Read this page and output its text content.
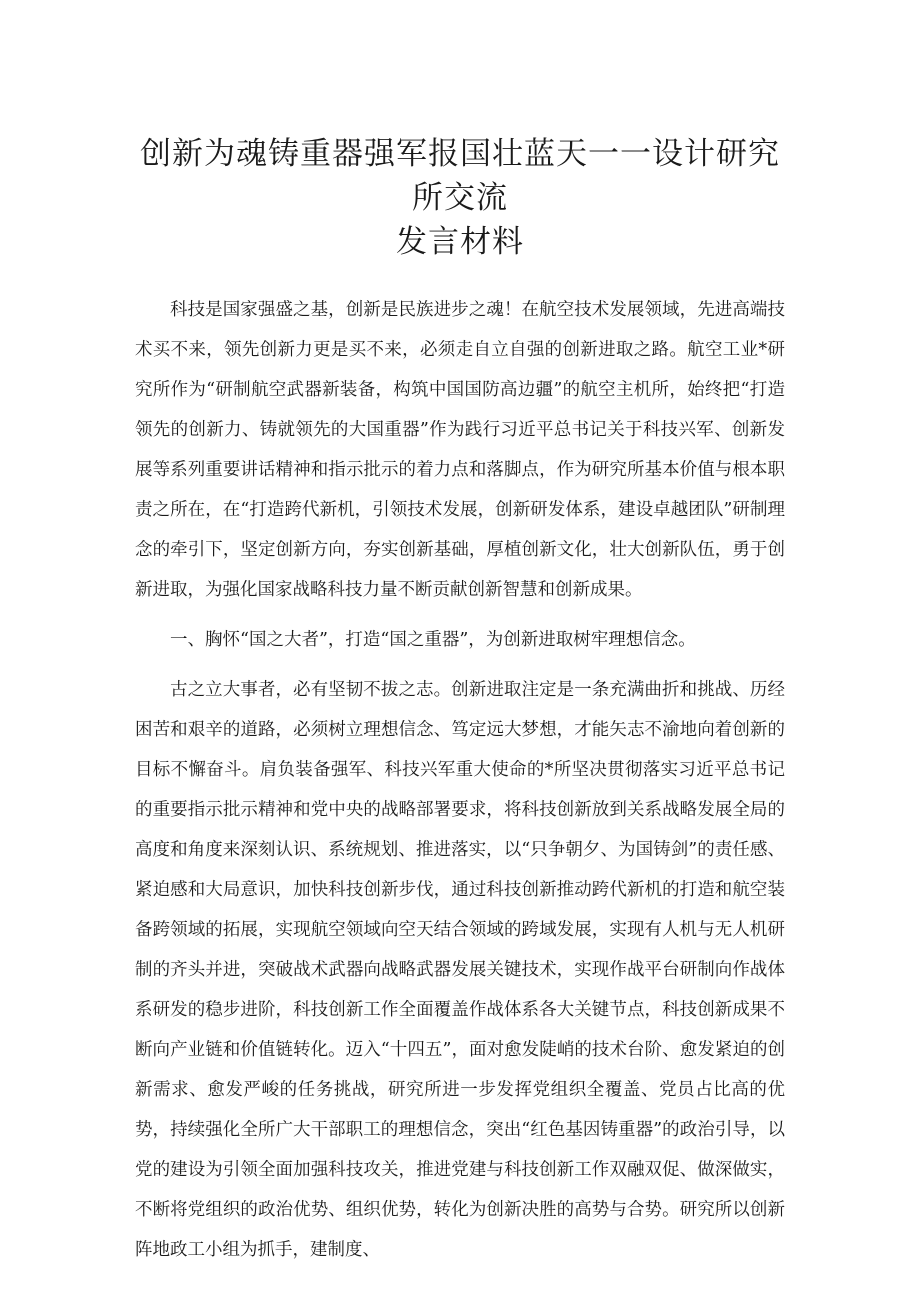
创新为魂铸重器强军报国壮蓝天一一设计研究所交流
发言材料

科技是国家强盛之基，创新是民族进步之魂！在航空技术发展领域，先进高端技术买不来，领先创新力更是买不来，必须走自立自强的创新进取之路。航空工业*研究所作为“研制航空武器新装备，构筑中国国防高边疆”的航空主机所，始终把“打造领先的创新力、铸就领先的大国重器”作为践行习近平总书记关于科技兴军、创新发展等系列重要讲话精神和指示批示的着力点和落脚点，作为研究所基本价值与根本职责之所在，在“打造跨代新机，引领技术发展，创新研发体系，建设卓越团队”研制理念的牵引下，坚定创新方向，夯实创新基础，厚植创新文化，壮大创新队伍，勇于创新进取，为强化国家战略科技力量不断贡献创新智慧和创新成果。

一、胸怀“国之大者”，打造“国之重器”，为创新进取树牢理想信念。

古之立大事者，必有坚韧不拔之志。创新进取注定是一条充满曲折和挑战、历经困苦和艰辛的道路，必须树立理想信念、笃定远大梦想，才能矢志不渝地向着创新的目标不懈奋斗。肩负装备强军、科技兴军重大使命的*所坚决贯彻落实习近平总书记的重要指示批示精神和党中央的战略部署要求，将科技创新放到关系战略发展全局的高度和角度来深刻认识、系统规划、推进落实，以“只争朝夕、为国铸剑”的责任感、紧迫感和大局意识，加快科技创新步伐，通过科技创新推动跨代新机的打造和航空装备跨领域的拓展，实现航空领域向空天结合领域的跨域发展，实现有人机与无人机研制的齐头并进，突破战术武器向战略武器发展关键技术，实现作战平台研制向作战体系研发的稳步进阶，科技创新工作全面覆盖作战体系各大关键节点，科技创新成果不断向产业链和价值链转化。迈入“十四五”，面对愈发陡峭的技术台阶、愈发紧迫的创新需求、愈发严峻的任务挑战，研究所进一步发挥党组织全覆盖、党员占比高的优势，持续强化全所广大干部职工的理想信念，突出“红色基因铸重器”的政治引导，以党的建设为引领全面加强科技攻关，推进党建与科技创新工作双融双促、做深做实，不断将党组织的政治优势、组织优势，转化为创新决胜的高势与合势。研究所以创新阵地政工小组为抓手，建制度、
